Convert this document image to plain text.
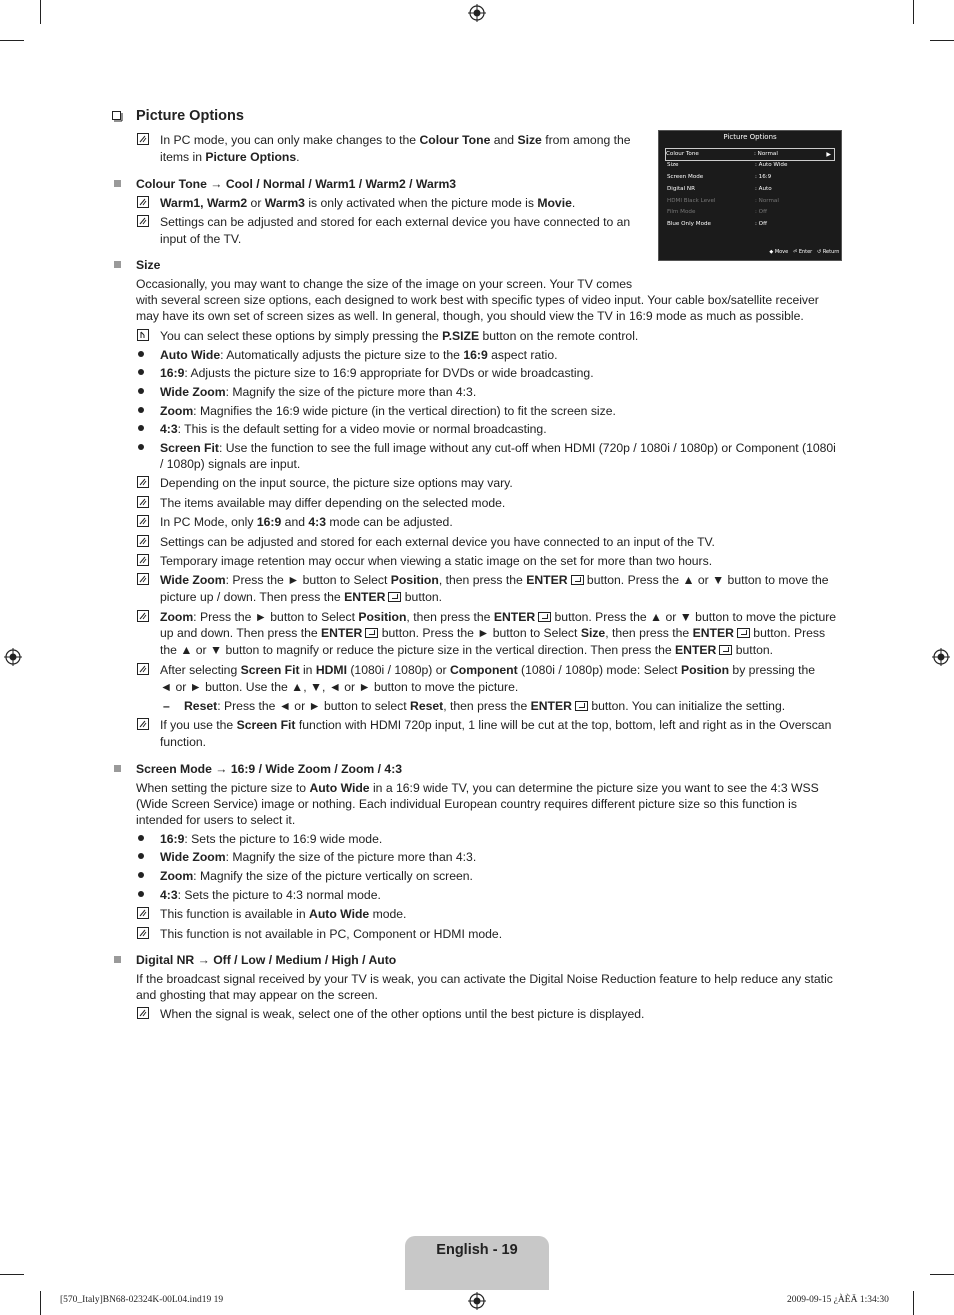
Picture Options
In PC mode, you can only make changes to the Colour Tone and Size from among the
items in Picture Options.
Picture Options
Colour Tone	: Normal	▶
Size	: Auto Wide
Screen Mode	: 16:9
Digital NR	: Auto
HDMI Black Level	: Normal
Film Mode	: Off
Blue Only Mode	: Off
◆ Move ⏎ Enter ↺ Return
Colour Tone → Cool / Normal / Warm1 / Warm2 / Warm3
Warm1, Warm2 or Warm3 is only activated when the picture mode is Movie.
Settings can be adjusted and stored for each external device you have connected to an
input of the TV.
Size
Occasionally, you may want to change the size of the image on your screen. Your TV comes
with several screen size options, each designed to work best with specific types of video input. Your cable box/satellite receiver
may have its own set of screen sizes as well. In general, though, you should view the TV in 16:9 mode as much as possible.
You can select these options by simply pressing the P.SIZE button on the remote control.
Auto Wide: Automatically adjusts the picture size to the 16:9 aspect ratio.
16:9: Adjusts the picture size to 16:9 appropriate for DVDs or wide broadcasting.
Wide Zoom: Magnify the size of the picture more than 4:3.
Zoom: Magnifies the 16:9 wide picture (in the vertical direction) to fit the screen size.
4:3: This is the default setting for a video movie or normal broadcasting.
Screen Fit: Use the function to see the full image without any cut-off when HDMI (720p / 1080i / 1080p) or Component (1080i
/ 1080p) signals are input.
Depending on the input source, the picture size options may vary.
The items available may differ depending on the selected mode.
In PC Mode, only 16:9 and 4:3 mode can be adjusted.
Settings can be adjusted and stored for each external device you have connected to an input of the TV.
Temporary image retention may occur when viewing a static image on the set for more than two hours.
Wide Zoom: Press the ► button to Select Position, then press the ENTER button. Press the ▲ or ▼ button to move the
picture up / down. Then press the ENTER button.
Zoom: Press the ► button to Select Position, then press the ENTER button. Press the ▲ or ▼ button to move the picture
up and down. Then press the ENTER button. Press the ► button to Select Size, then press the ENTER button. Press
the ▲ or ▼ button to magnify or reduce the picture size in the vertical direction. Then press the ENTER button.
After selecting Screen Fit in HDMI (1080i / 1080p) or Component (1080i / 1080p) mode: Select Position by pressing the
◄ or ► button. Use the ▲, ▼, ◄ or ► button to move the picture.
– Reset: Press the ◄ or ► button to select Reset, then press the ENTER button. You can initialize the setting.
If you use the Screen Fit function with HDMI 720p input, 1 line will be cut at the top, bottom, left and right as in the Overscan
function.
Screen Mode → 16:9 / Wide Zoom / Zoom / 4:3
When setting the picture size to Auto Wide in a 16:9 wide TV, you can determine the picture size you want to see the 4:3 WSS
(Wide Screen Service) image or nothing. Each individual European country requires different picture size so this function is
intended for users to select it.
16:9: Sets the picture to 16:9 wide mode.
Wide Zoom: Magnify the size of the picture more than 4:3.
Zoom: Magnify the size of the picture vertically on screen.
4:3: Sets the picture to 4:3 normal mode.
This function is available in Auto Wide mode.
This function is not available in PC, Component or HDMI mode.
Digital NR → Off / Low / Medium / High / Auto
If the broadcast signal received by your TV is weak, you can activate the Digital Noise Reduction feature to help reduce any static
and ghosting that may appear on the screen.
When the signal is weak, select one of the other options until the best picture is displayed.
English - 19
[570_Italy]BN68-02324K-00L04.ind19 19	2009-09-15 ¿ÀÈÄ 1:34:30
